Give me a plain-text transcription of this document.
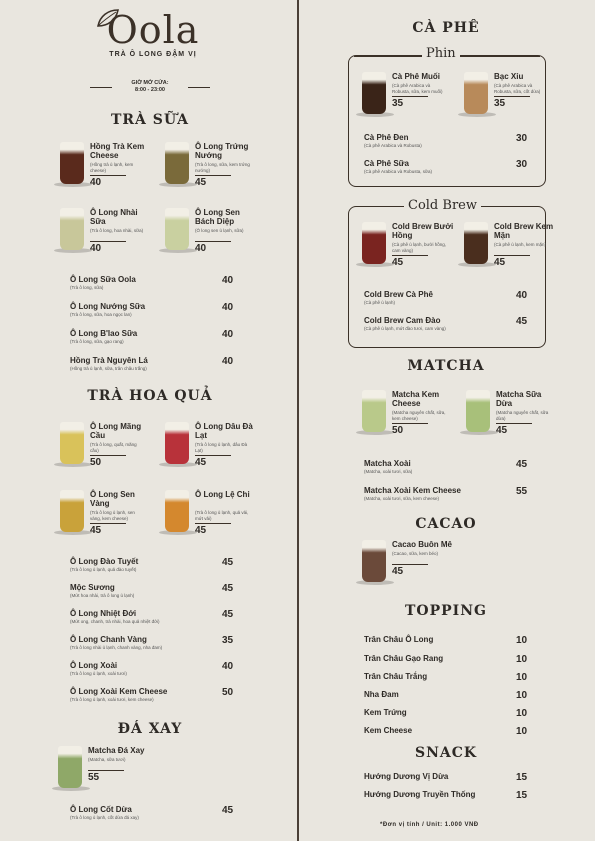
Oola
TRÀ Ô LONG ĐẬM VỊ
GIỜ MỞ CỬA:
8:00 - 23:00
TRÀ SỮA
TRÀ HOA QUẢ
ĐÁ XAY
CÀ PHÊ
MATCHA
CACAO
TOPPING
SNACK
Phin
Cold Brew
*Đơn vị tính / Unit: 1.000 VNĐ
Hồng Trà Kem Cheese
(Hồng trà ủ lạnh, kem cheese)
40
Ô Long Trứng Nướng
(Trà ô long, sữa, kem trứng nướng)
45
Ô Long Nhài Sữa
(Trà ô long, hoa nhài, sữa)
40
Ô Long Sen Bách Diệp
(Ô long sen ủ lạnh, sữa)
40
Ô Long Sữa Oola
(Trà ô long, sữa)
40
Ô Long Nướng Sữa
(Trà ô long, sữa, hoa ngọc lan)
40
Ô Long B'lao Sữa
(Trà ô long, sữa, gạo rang)
40
Hồng Trà Nguyên Lá
(Hồng trà ủ lạnh, sữa, trân châu trắng)
40
Ô Long Mãng Cầu
(Trà ô long, quất, mãng cầu)
50
Ô Long Dâu Đà Lạt
(Trà ô long ủ lạnh, dâu Đà Lạt)
45
Ô Long Sen Vàng
(Trà ô long ủ lạnh, sen vàng, kem cheese)
45
Ô Long Lệ Chi
(Trà ô long ủ lạnh, quả vải, mứt vải)
45
Ô Long Đào Tuyết
(Trà ô long ủ lạnh, quả đào tuyết)
45
Mộc Sương
(Mứt hoa nhài, trà ô long ủ lạnh)
45
Ô Long Nhiệt Đới
(Mứt ong, chanh, trà nhài, hoa quả nhiệt đới)
45
Ô Long Chanh Vàng
(Trà ô long nhài ủ lạnh, chanh vàng, nha đam)
35
Ô Long Xoài
(Trà ô long ủ lạnh, xoài tươi)
40
Ô Long Xoài Kem Cheese
(Trà ô long ủ lạnh, xoài tươi, kem cheese)
50
Matcha Đá Xay
(Matcha, sữa tươi)
55
Ô Long Cốt Dừa
(Trà ô long ủ lạnh, cốt dừa đá xay)
45
Cà Phê Muối
(Cà phê Arabica và Robusta, sữa, kem muối)
35
Bạc Xỉu
(Cà phê Arabica và Robusta, sữa, cốt dừa)
35
Cà Phê Đen
(Cà phê Arabica và Robusta)
30
Cà Phê Sữa
(Cà phê Arabica và Robusta, sữa)
30
Cold Brew Bưởi Hồng
(Cà phê ủ lạnh, bưởi hồng, cam vàng)
45
Cold Brew Kem Mặn
(Cà phê ủ lạnh, kem mặn)
45
Cold Brew Cà Phê
(Cà phê ủ lạnh)
40
Cold Brew Cam Đào
(Cà phê ủ lạnh, mứt đào tươi, cam vàng)
45
Matcha Kem Cheese
(Matcha nguyên chất, sữa, kem cheese)
50
Matcha Sữa Dừa
(Matcha nguyên chất, sữa dừa)
45
Matcha Xoài
(Matcha, xoài tươi, sữa)
45
Matcha Xoài Kem Cheese
(Matcha, xoài tươi, sữa, kem cheese)
55
Cacao Buôn Mê
(Cacao, sữa, kem béo)
45
Trân Châu Ô Long	10
Trân Châu Gạo Rang	10
Trân Châu Trắng	10
Nha Đam	10
Kem Trứng	10
Kem Cheese	10
Hướng Dương Vị Dừa	15
Hướng Dương Truyền Thống	15
